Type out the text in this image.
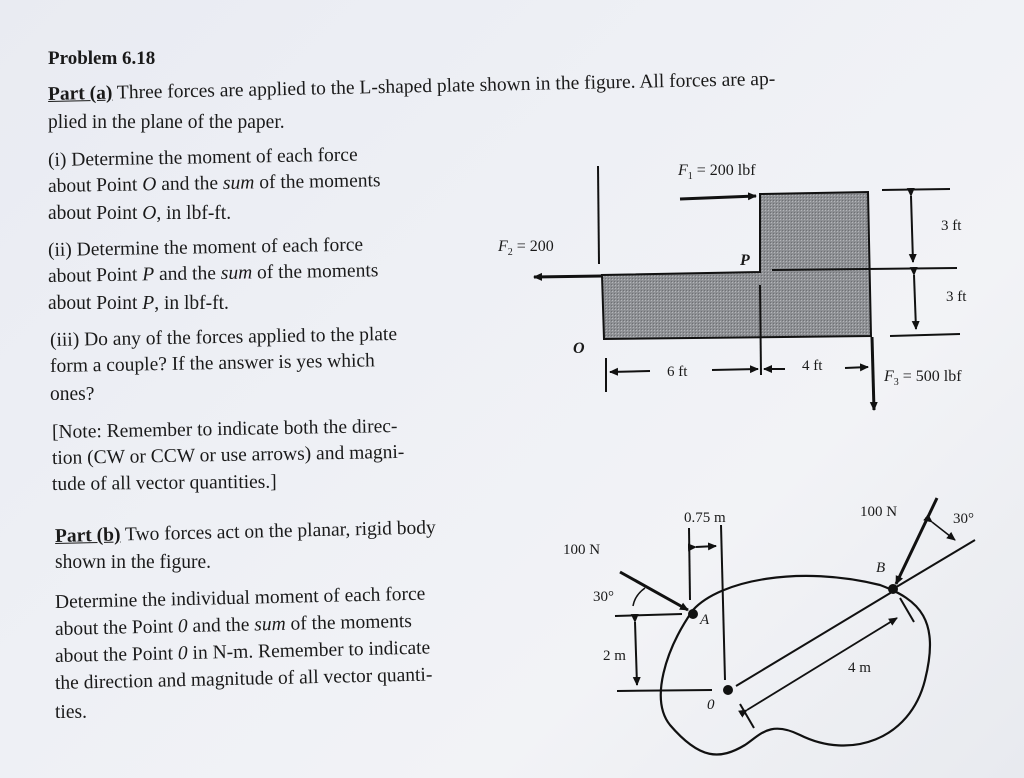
Problem 6.18
Part (a) Three forces are applied to the L-shaped plate shown in the figure. All forces are ap-
plied in the plane of the paper.
(i) Determine the moment of each force
about Point O and the sum of the moments
about Point O, in lbf-ft.
(ii) Determine the moment of each force
about Point P and the sum of the moments
about Point P, in lbf-ft.
(iii) Do any of the forces applied to the plate
form a couple? If the answer is yes which
ones?
[Note: Remember to indicate both the direc-
tion (CW or CCW or use arrows) and magni-
tude of all vector quantities.]
Part (b) Two forces act on the planar, rigid body
shown in the figure.
Determine the individual moment of each force
about the Point 0 and the sum of the moments
about the Point 0 in N-m. Remember to indicate
the direction and magnitude of all vector quanti-
ties.
$F_1 = 200$ lbf
$F_2 = 200$
$F_3 = 500$ lbf
P
O
3 ft
3 ft
6 ft	4 ft
100 N
100 N
30°
30°
0.75 m
2 m
4 m
A
B
0
